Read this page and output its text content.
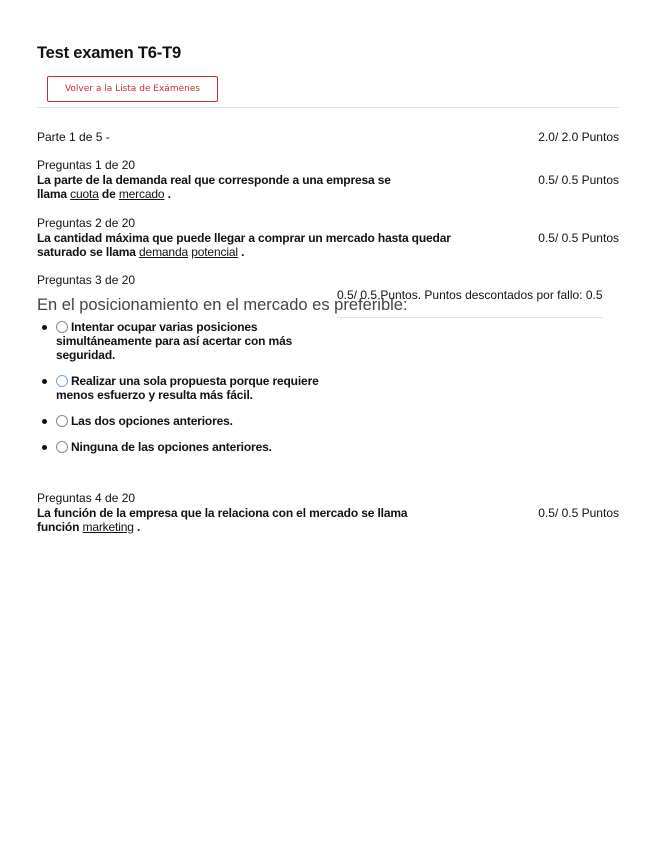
Test examen T6-T9
Volver a la Lista de Exámenes
Parte 1 de 5 -	2.0/ 2.0 Puntos
Preguntas 1 de 20
0.5/ 0.5 Puntos
La parte de la demanda real que corresponde a una empresa se
llama cuota de mercado .
Preguntas 2 de 20
0.5/ 0.5 Puntos
La cantidad máxima que puede llegar a comprar un mercado hasta quedar
saturado se llama demanda potencial .
Preguntas 3 de 20
En el posicionamiento en el mercado es preferible:
0.5/ 0.5 Puntos. Puntos descontados por fallo: 0.5
Intentar ocupar varias posiciones simultáneamente para así acertar con más seguridad.
Realizar una sola propuesta porque requiere menos esfuerzo y resulta más fácil.
Las dos opciones anteriores.
Ninguna de las opciones anteriores.
Preguntas 4 de 20
0.5/ 0.5 Puntos
La función de la empresa que la relaciona con el mercado se llama
función marketing .
